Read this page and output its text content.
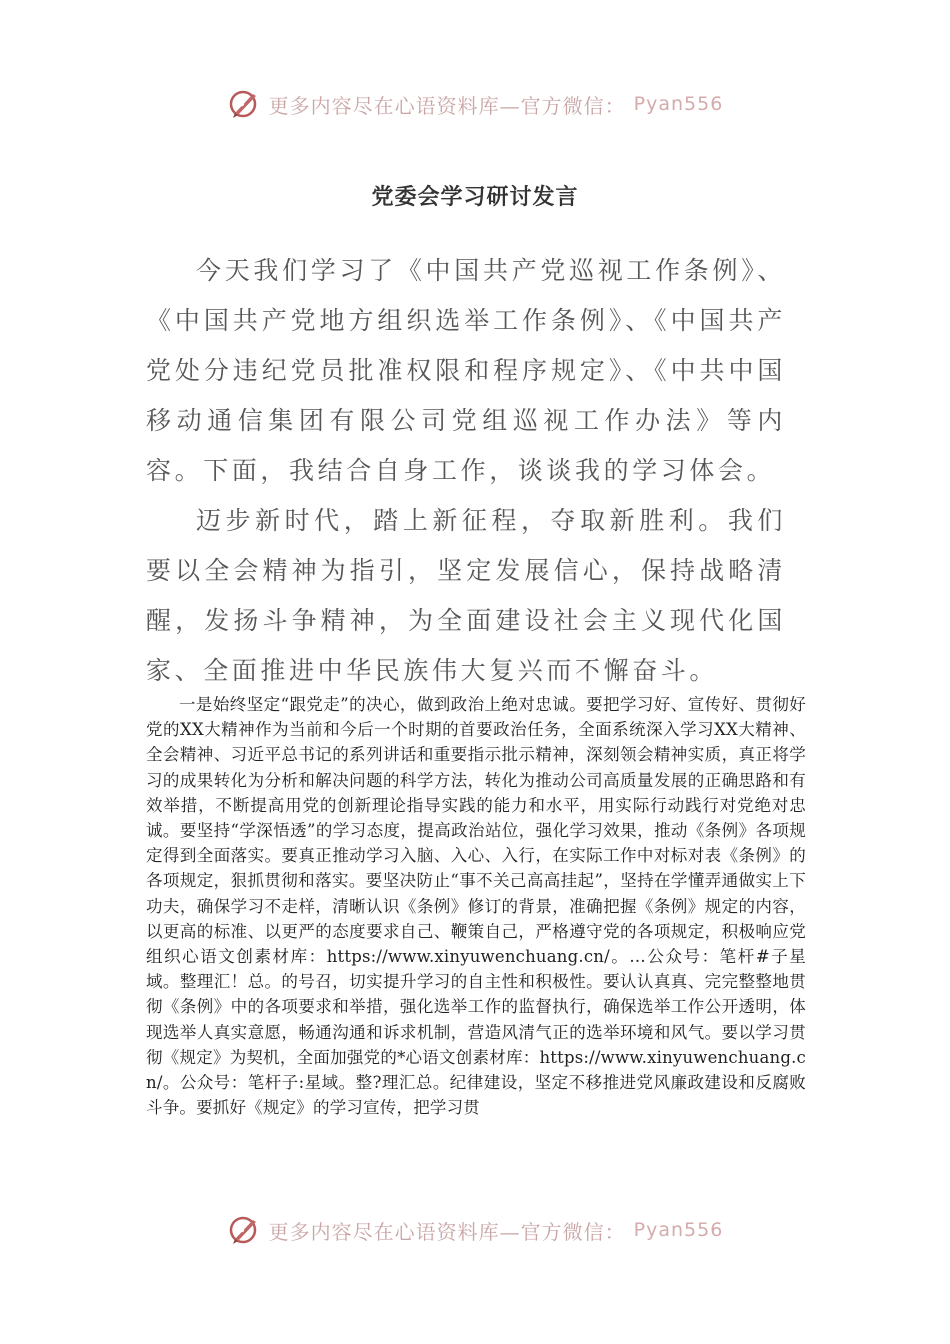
更多内容尽在心语资料库—官方微信： Pyan556
党委会学习研讨发言

今天我们学习了《中国共产党巡视工作条例》、《中国共产党地方组织选举工作条例》、《中国共产党处分违纪党员批准权限和程序规定》、《中共中国移动通信集团有限公司党组巡视工作办法》等内容。下面，我结合自身工作，谈谈我的学习体会。

迈步新时代，踏上新征程，夺取新胜利。我们要以全会精神为指引，坚定发展信心，保持战略清醒，发扬斗争精神，为全面建设社会主义现代化国家、全面推进中华民族伟大复兴而不懈奋斗。

一是始终坚定“跟党走”的决心，做到政治上绝对忠诚。要把学习好、宣传好、贯彻好党的XX大精神作为当前和今后一个时期的首要政治任务，全面系统深入学习XX大精神、全会精神、习近平总书记的系列讲话和重要指示批示精神，深刻领会精神实质，真正将学习的成果转化为分析和解决问题的科学方法，转化为推动公司高质量发展的正确思路和有效举措，不断提高用党的创新理论指导实践的能力和水平，用实际行动践行对党绝对忠诚。要坚持“学深悟透”的学习态度，提高政治站位，强化学习效果，推动《条例》各项规定得到全面落实。要真正推动学习入脑、入心、入行，在实际工作中对标对表《条例》的各项规定，狠抓贯彻和落实。要坚决防止“事不关己高高挂起”，坚持在学懂弄通做实上下功夫，确保学习不走样，清晰认识《条例》修订的背景，准确把握《条例》规定的内容，以更高的标准、以更严的态度要求自己、鞭策自己，严格遵守党的各项规定，积极响应党组织心语文创素材库：https://www.xinyuwenchuang.cn/。…公众号：笔杆#子星域。整理汇！总。的号召，切实提升学习的自主性和积极性。要认认真真、完完整整地贯彻《条例》中的各项要求和举措，强化选举工作的监督执行，确保选举工作公开透明，体现选举人真实意愿，畅通沟通和诉求机制，营造风清气正的选举环境和风气。要以学习贯彻《规定》为契机，全面加强党的*心语文创素材库：https://www.xinyuwenchuang.cn/。公众号：笔杆子:星域。整?理汇总。纪律建设，坚定不移推进党风廉政建设和反腐败斗争。要抓好《规定》的学习宣传，把学习贯

更多内容尽在心语资料库—官方微信： Pyan556
